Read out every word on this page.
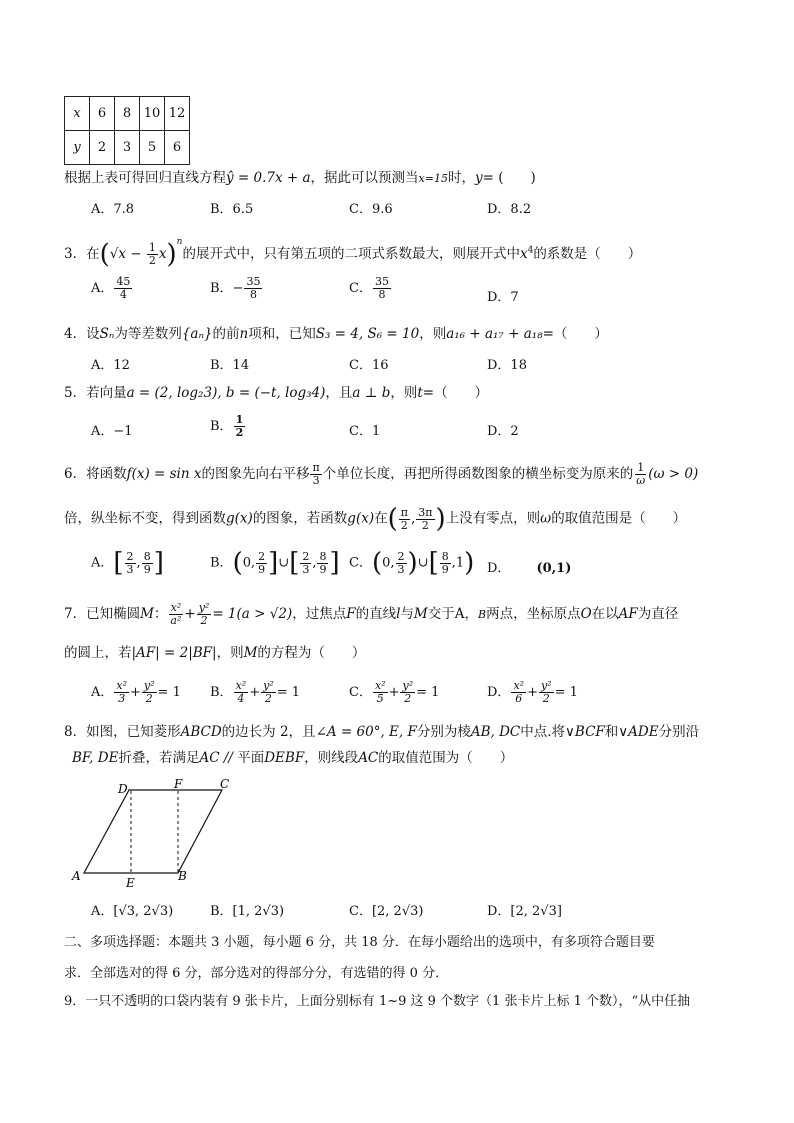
x	6	8	10	12
y	2	3	5	6
根据上表可得回归直线方程ŷ = 0.7x + a，据此可以预测当x=15时，y= (　　)
A．7.8	B．6.5	C．9.6	D．8.2
3．在$(√x - \frac{1}{2} x)^n$的展开式中，只有第五项的二项式系数最大，则展开式中$x^4$的系数是（　　）
A． $\frac{45}{4}$	B．− $\frac{35}{8}$	C． $\frac{35}{8}$	D．7
4．设Sₙ为等差数列{aₙ}的前n项和，已知S₃ = 4, S₆ = 10，则a₁₆ + a₁₇ + a₁₈=（　　）
A．12	B．14	C．16	D．18
5．若向量a = (2, log₂3), b = (−t, log₃4)，且a ⊥ b，则t=（　　）
A．−1	B． $\frac{1}{2}$	C．1	D．2
6．将函数f(x) = sin x的图象先向右平移 $\frac{\pi}{3}$ 个单位长度，再把所得函数图象的横坐标变为原来的 $\frac{1}{\omega} (\omega > 0)$
倍，纵坐标不变，得到函数g(x)的图象，若函数g(x)在( $\frac{\pi}{2}$ , $\frac{3\pi}{2}$ )上没有零点，则ω的取值范围是（　　）
A．[ $\frac{2}{3}$ , $\frac{8}{9}$ ]	B．(0, $\frac{2}{9}$ ]∪[ $\frac{2}{3}$ , $\frac{8}{9}$ ] C．(0, $\frac{2}{3}$ )∪[ $\frac{8}{9} ,1$) D． (0,1)
7．已知椭圆M： $\frac{\text{x²}}{\text{a²}} + \frac{\text{y²}}{2} = 1(a > √2)$，过焦点F的直线l与M交于A，B两点，坐标原点O在以AF为直径
的圆上，若|AF| = 2|BF|，则M的方程为（　　）
A． $\frac{\text{x²}}{3} + \frac{\text{y²}}{2} = 1$ B． $\frac{\text{x²}}{4} + \frac{\text{y²}}{2} = 1$	C． $\frac{\text{x²}}{5} + \frac{\text{y²}}{2} = 1$	D． $\frac{\text{x²}}{6} + \frac{\text{y²}}{2} = 1$
8．如图，已知菱形ABCD的边长为 2，且∠A = 60°, E, F分别为棱AB, DC中点.将∨BCF和∨ADE分别沿
BF, DE折叠，若满足AC // 平面DEBF，则线段AC的取值范围为（　　）
D	F	C
A	E	B
A．[√3, 2√3)	B．[1, 2√3)	C．[2, 2√3)	D．[2, 2√3]
二、多项选择题：本题共 3 小题，每小题 6 分，共 18 分．在每小题给出的选项中，有多项符合题目要
求．全部选对的得 6 分，部分选对的得部分分，有选错的得 0 分．
9．一只不透明的口袋内装有 9 张卡片，上面分别标有 1~9 这 9 个数字（1 张卡片上标 1 个数），“从中任抽
